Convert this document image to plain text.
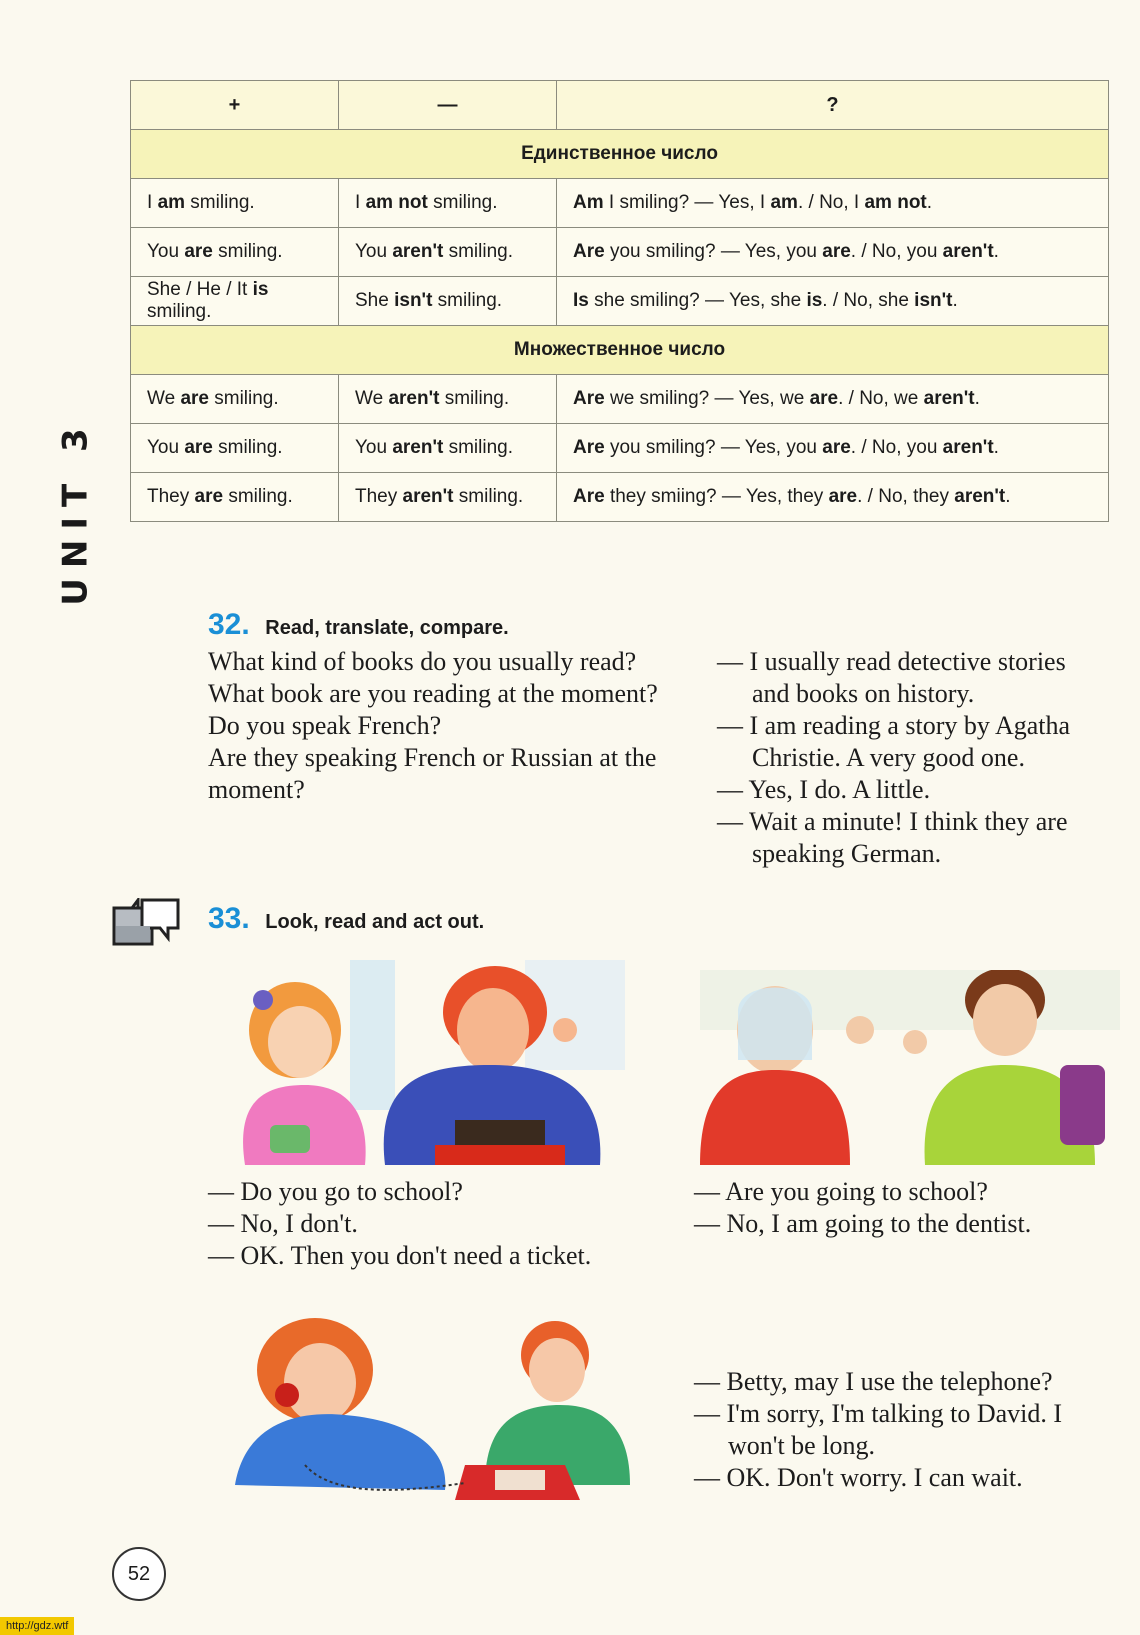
UNIT 3
+	—	?
Единственное число		
I am smiling.	I am not smiling.	Am I smiling? — Yes, I am. / No, I am not.
You are smiling.	You aren't smiling.	Are you smiling? — Yes, you are. / No, you aren't.
She / He / It is smiling.	She isn't smiling.	Is she smiling? — Yes, she is. / No, she isn't.
Множественное число		
We are smiling.	We aren't smiling.	Are we smiling? — Yes, we are. / No, we aren't.
You are smiling.	You aren't smiling.	Are you smiling? — Yes, you are. / No, you aren't.
They are smiling.	They aren't smiling.	Are they smiing? — Yes, they are. / No, they aren't.
32. Read, translate, compare.
What kind of books do you usually read?
What book are you reading at the moment?
Do you speak French?
Are they speaking French or Russian at the moment?
— I usually read detective stories and books on history.
— I am reading a story by Agatha Christie. A very good one.
— Yes, I do. A little.
— Wait a minute! I think they are speaking German.
33. Look, read and act out.
— Do you go to school?
— No, I don't.
— OK. Then you don't need a ticket.
— Are you going to school?
— No, I am going to the dentist.
— Betty, may I use the telephone?
— I'm sorry, I'm talking to David. I won't be long.
— OK. Don't worry. I can wait.
52
http://gdz.wtf
